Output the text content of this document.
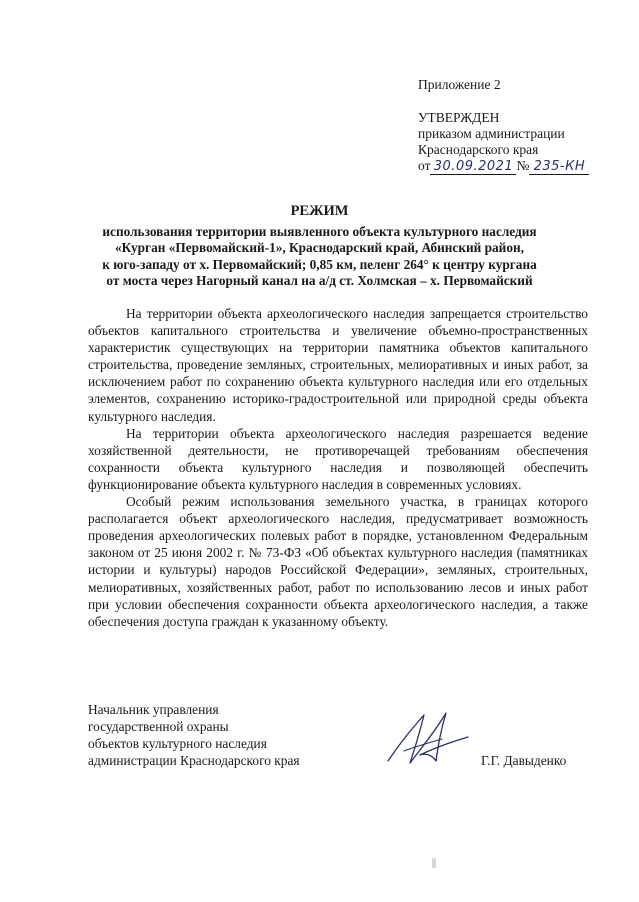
Приложение 2
УТВЕРЖДЕН
приказом администрации
Краснодарского края
от 30.09.2021 № 235-КН
РЕЖИМ
использования территории выявленного объекта культурного наследия
«Курган «Первомайский-1», Краснодарский край, Абинский район,
к юго-западу от х. Первомайский; 0,85 км, пеленг 264° к центру кургана
от моста через Нагорный канал на а/д ст. Холмская – х. Первомайский

На территории объекта археологического наследия запрещается строительство объектов капитального строительства и увеличение объемно-пространственных характеристик существующих на территории памятника объектов капитального строительства, проведение земляных, строительных, мелиоративных и иных работ, за исключением работ по сохранению объекта культурного наследия или его отдельных элементов, сохранению историко-градостроительной или природной среды объекта культурного наследия.

На территории объекта археологического наследия разрешается ведение хозяйственной деятельности, не противоречащей требованиям обеспечения сохранности объекта культурного наследия и позволяющей обеспечить функционирование объекта культурного наследия в современных условиях.

Особый режим использования земельного участка, в границах которого располагается объект археологического наследия, предусматривает возможность проведения археологических полевых работ в порядке, установленном Федеральным законом от 25 июня 2002 г. № 73-ФЗ «Об объектах культурного наследия (памятниках истории и культуры) народов Российской Федерации», земляных, строительных, мелиоративных, хозяйственных работ, работ по использованию лесов и иных работ при условии обеспечения сохранности объекта археологического наследия, а также обеспечения доступа граждан к указанному объекту.

Начальник управления
государственной охраны
объектов культурного наследия
администрации Краснодарского края	Г.Г. Давыденко
